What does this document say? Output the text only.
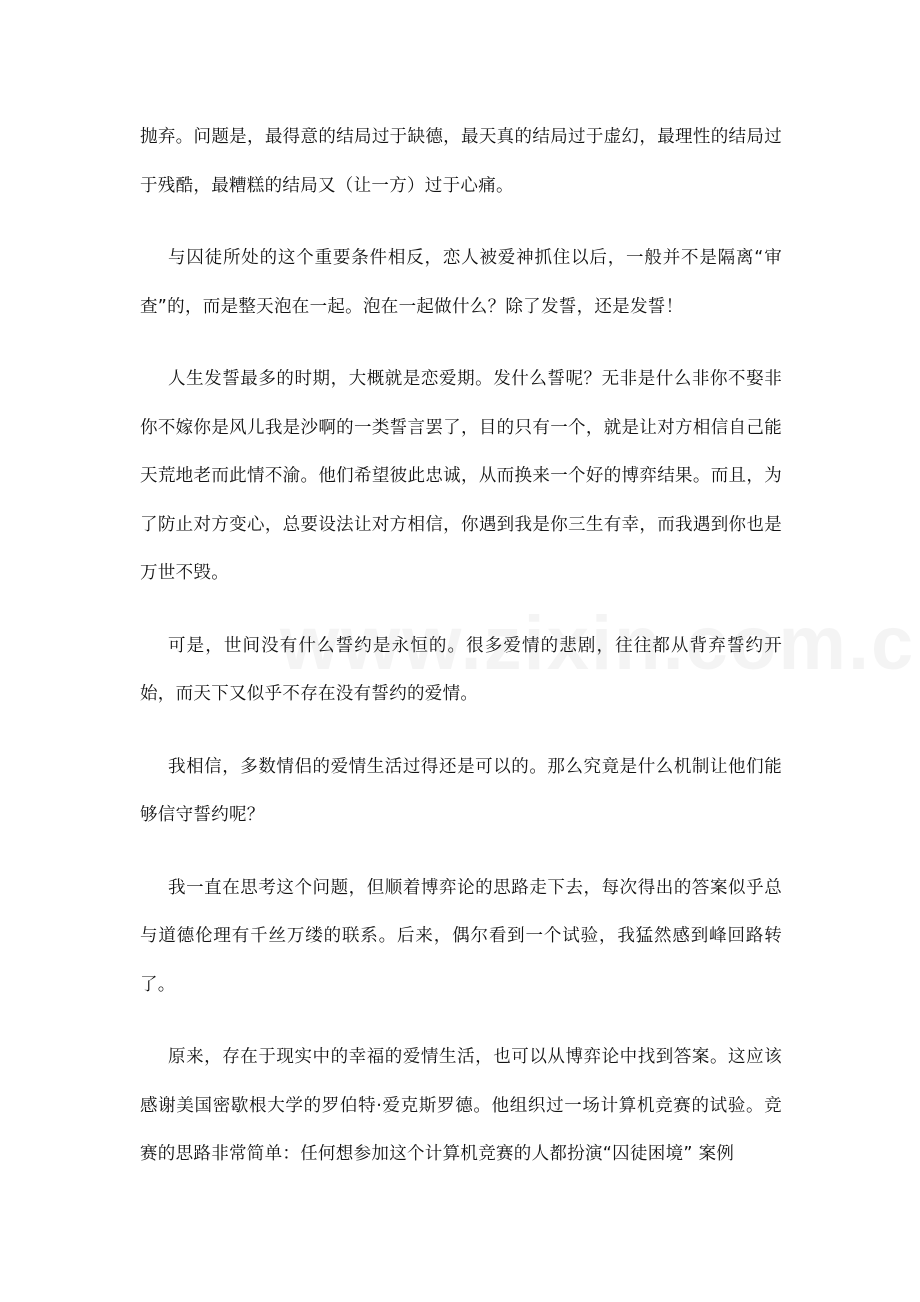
抛弃。问题是，最得意的结局过于缺德，最天真的结局过于虚幻，最理性的结局过于残酷，最糟糕的结局又（让一方）过于心痛。

与囚徒所处的这个重要条件相反，恋人被爱神抓住以后，一般并不是隔离“审查”的，而是整天泡在一起。泡在一起做什么？除了发誓，还是发誓！

人生发誓最多的时期，大概就是恋爱期。发什么誓呢？无非是什么非你不娶非你不嫁你是风儿我是沙啊的一类誓言罢了，目的只有一个，就是让对方相信自己能天荒地老而此情不渝。他们希望彼此忠诚，从而换来一个好的博弈结果。而且，为了防止对方变心，总要设法让对方相信，你遇到我是你三生有幸，而我遇到你也是万世不毁。

可是，世间没有什么誓约是永恒的。很多爱情的悲剧，往往都从背弃誓约开始，而天下又似乎不存在没有誓约的爱情。

我相信，多数情侣的爱情生活过得还是可以的。那么究竟是什么机制让他们能够信守誓约呢？

我一直在思考这个问题，但顺着博弈论的思路走下去，每次得出的答案似乎总与道德伦理有千丝万缕的联系。后来，偶尔看到一个试验，我猛然感到峰回路转了。

原来，存在于现实中的幸福的爱情生活，也可以从博弈论中找到答案。这应该感谢美国密歇根大学的罗伯特·爱克斯罗德。他组织过一场计算机竞赛的试验。竞赛的思路非常简单：任何想参加这个计算机竞赛的人都扮演“囚徒困境” 案例
